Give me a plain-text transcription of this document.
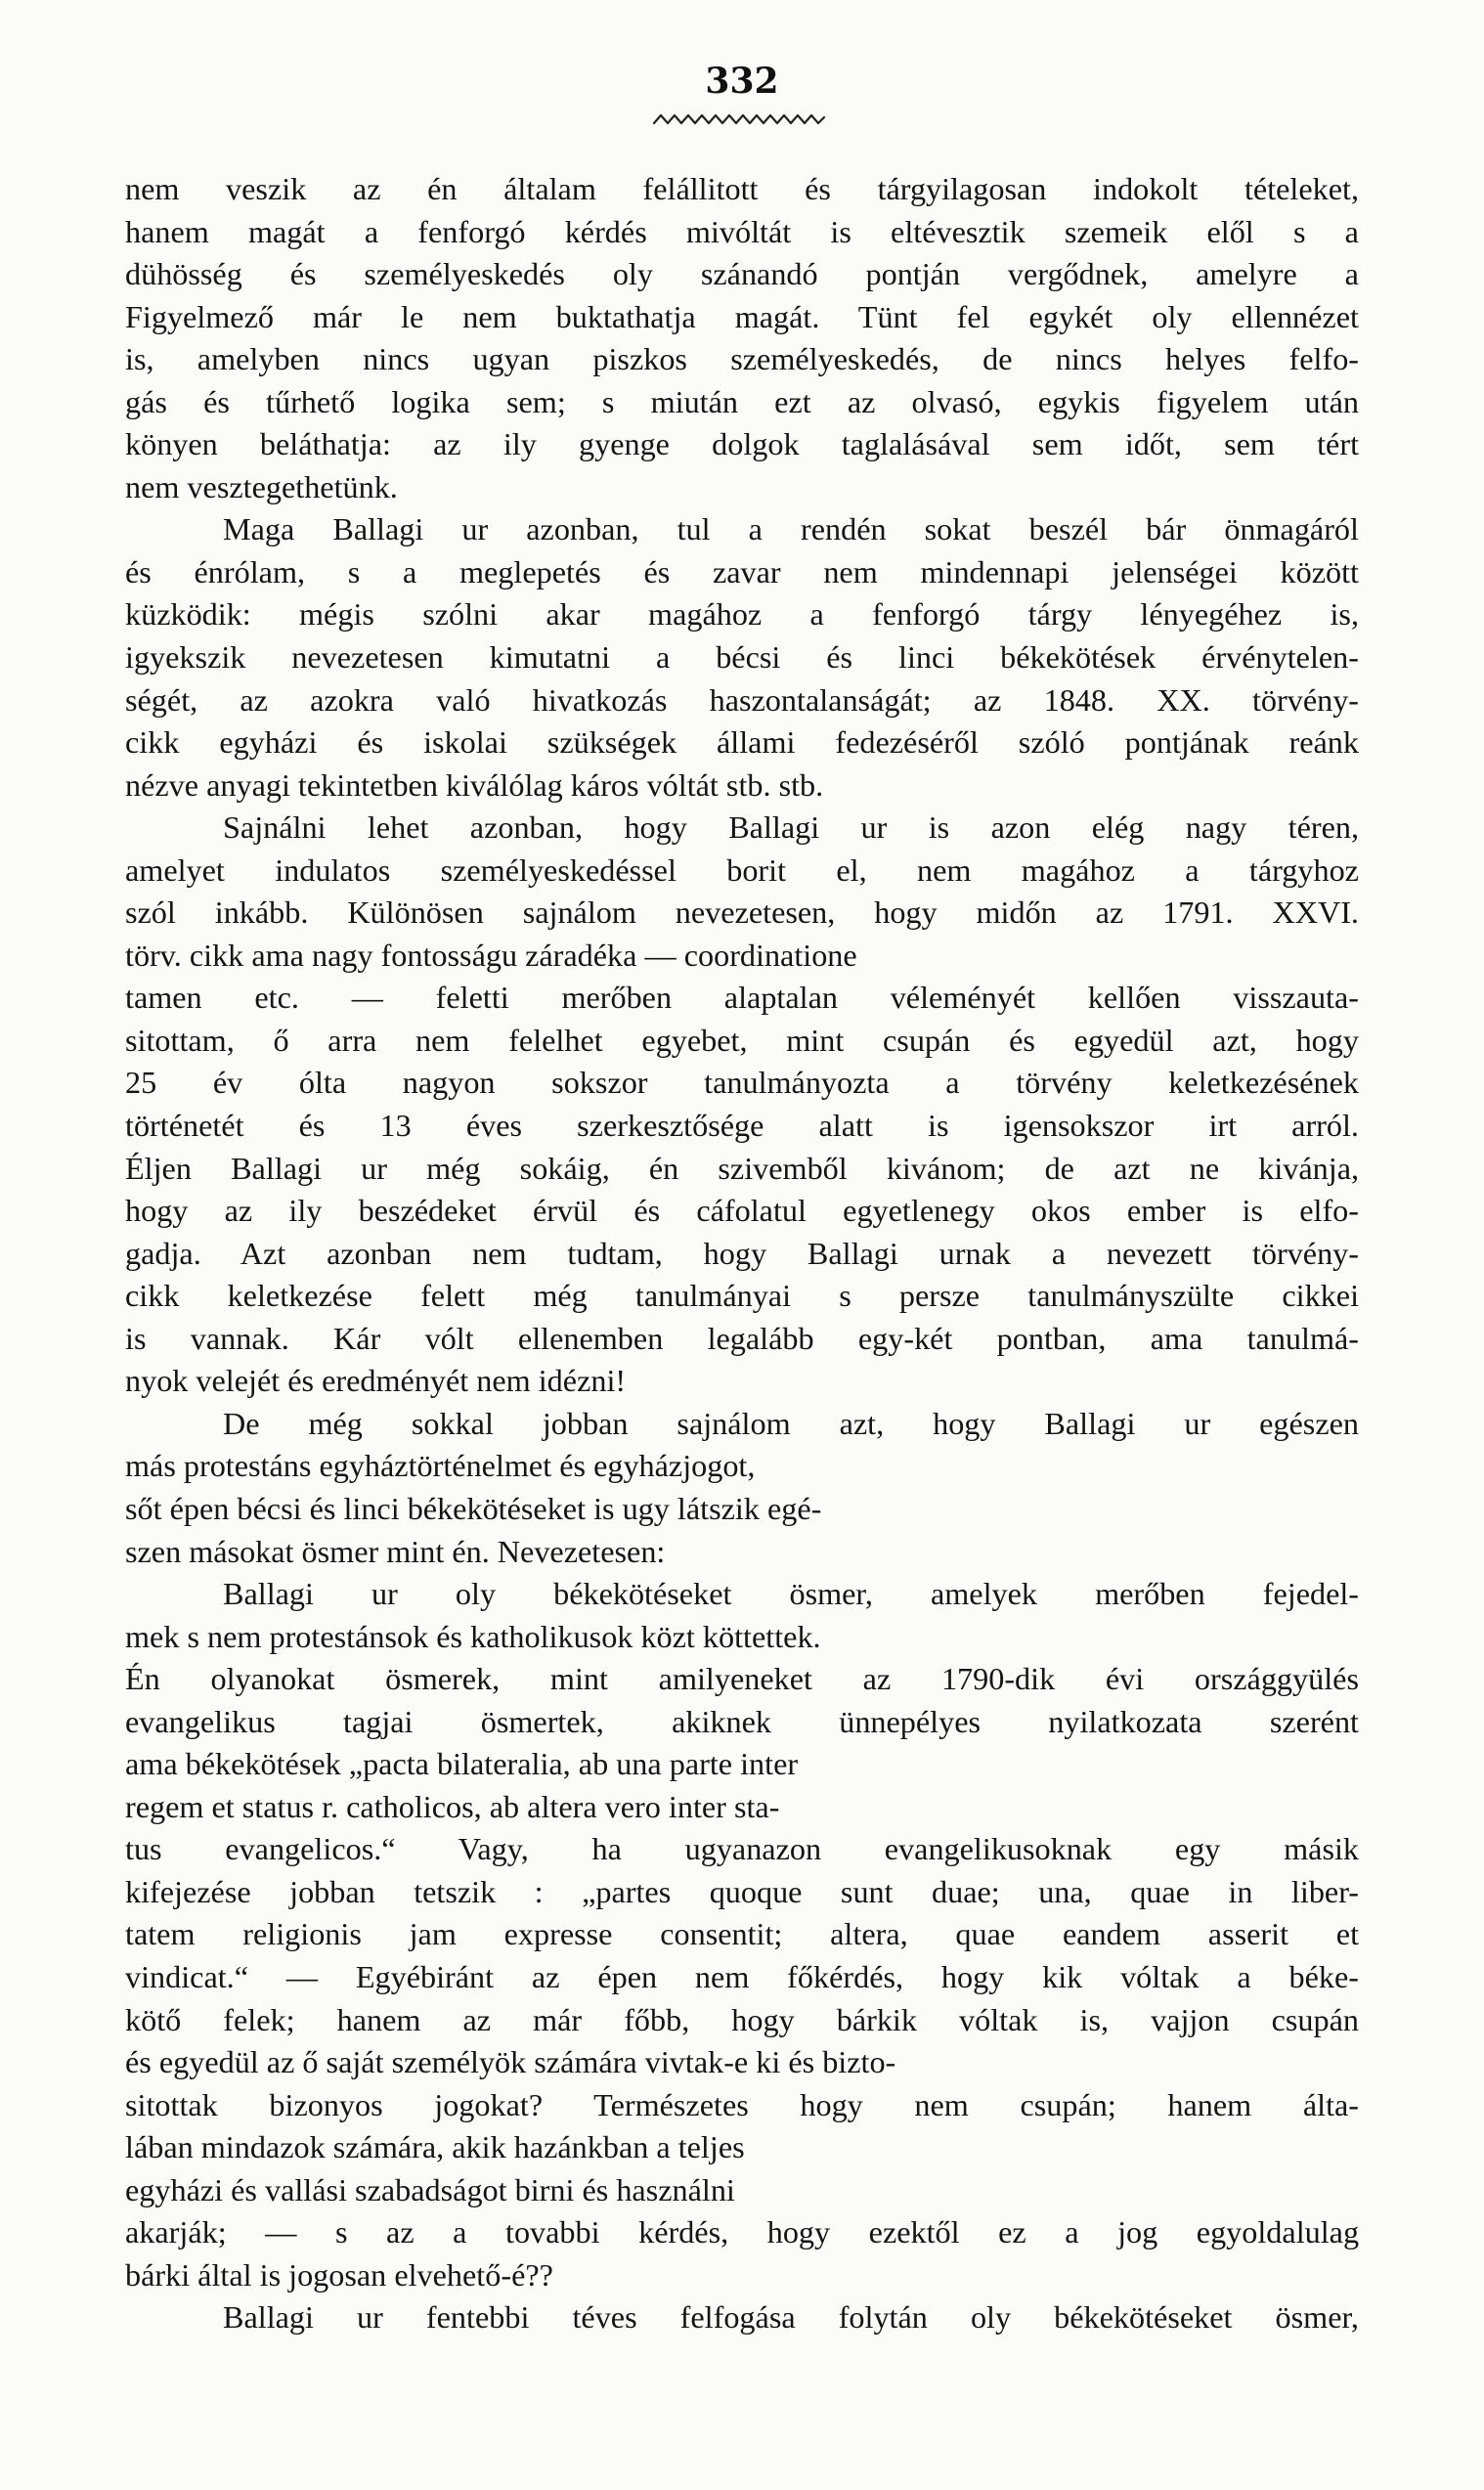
332
nem veszik az én általam felállitott és tárgyilagosan indokolt tételeket,
hanem magát a fenforgó kérdés mivóltát is eltévesztik szemeik elől s a
dühösség és személyeskedés oly szánandó pontján vergődnek, amelyre a
Figyelmező már le nem buktathatja magát. Tünt fel egykét oly ellennézet
is, amelyben nincs ugyan piszkos személyeskedés, de nincs helyes felfo-
gás és tűrhető logika sem; s miután ezt az olvasó, egykis figyelem után
könyen beláthatja: az ily gyenge dolgok taglalásával sem időt, sem tért
nem vesztegethetünk.
Maga Ballagi ur azonban, tul a rendén sokat beszél bár önmagáról
és énrólam, s a meglepetés és zavar nem mindennapi jelenségei között
küzködik: mégis szólni akar magához a fenforgó tárgy lényegéhez is,
igyekszik nevezetesen kimutatni a bécsi és linci békekötések érvénytelen-
ségét, az azokra való hivatkozás haszontalanságát; az 1848. XX. törvény-
cikk egyházi és iskolai szükségek állami fedezéséről szóló pontjának reánk
nézve anyagi tekintetben kiválólag káros vóltát stb. stb.
Sajnálni lehet azonban, hogy Ballagi ur is azon elég nagy téren,
amelyet indulatos személyeskedéssel borit el, nem magához a tárgyhoz
szól inkább. Különösen sajnálom nevezetesen, hogy midőn az 1791. XXVI.
törv. cikk ama nagy fontosságu záradéka — coordinatione
tamen etc. — feletti merőben alaptalan véleményét kellően visszauta-
sitottam, ő arra nem felelhet egyebet, mint csupán és egyedül azt, hogy
25 év ólta nagyon sokszor tanulmányozta a törvény keletkezésének
történetét és 13 éves szerkesztősége alatt is igensokszor irt arról.
Éljen Ballagi ur még sokáig, én szivemből kivánom; de azt ne kivánja,
hogy az ily beszédeket érvül és cáfolatul egyetlenegy okos ember is elfo-
gadja. Azt azonban nem tudtam, hogy Ballagi urnak a nevezett törvény-
cikk keletkezése felett még tanulmányai s persze tanulmányszülte cikkei
is vannak. Kár vólt ellenemben legalább egy-két pontban, ama tanulmá-
nyok velejét és eredményét nem idézni!
De még sokkal jobban sajnálom azt, hogy Ballagi ur egészen
más protestáns egyháztörténelmet és egyházjogot,
sőt épen bécsi és linci békekötéseket is ugy látszik egé-
szen másokat ösmer mint én. Nevezetesen:
Ballagi ur oly békekötéseket ösmer, amelyek merőben fejedel-
mek s nem protestánsok és katholikusok közt köttettek.
Én olyanokat ösmerek, mint amilyeneket az 1790-dik évi országgyülés
evangelikus tagjai ösmertek, akiknek ünnepélyes nyilatkozata szerént
ama békekötések „pacta bilateralia, ab una parte inter
regem et status r. catholicos, ab altera vero inter sta-
tus evangelicos.“ Vagy, ha ugyanazon evangelikusoknak egy másik
kifejezése jobban tetszik : „partes quoque sunt duae; una, quae in liber-
tatem religionis jam expresse consentit; altera, quae eandem asserit et
vindicat.“ — Egyébiránt az épen nem főkérdés, hogy kik vóltak a béke-
kötő felek; hanem az már főbb, hogy bárkik vóltak is, vajjon csupán
és egyedül az ő saját személyök számára vivtak-e ki és bizto-
sitottak bizonyos jogokat? Természetes hogy nem csupán; hanem álta-
lában mindazok számára, akik hazánkban a teljes
egyházi és vallási szabadságot birni és használni
akarják; — s az a tovabbi kérdés, hogy ezektől ez a jog egyoldalulag
bárki által is jogosan elvehető-é??
Ballagi ur fentebbi téves felfogása folytán oly békekötéseket ösmer,
